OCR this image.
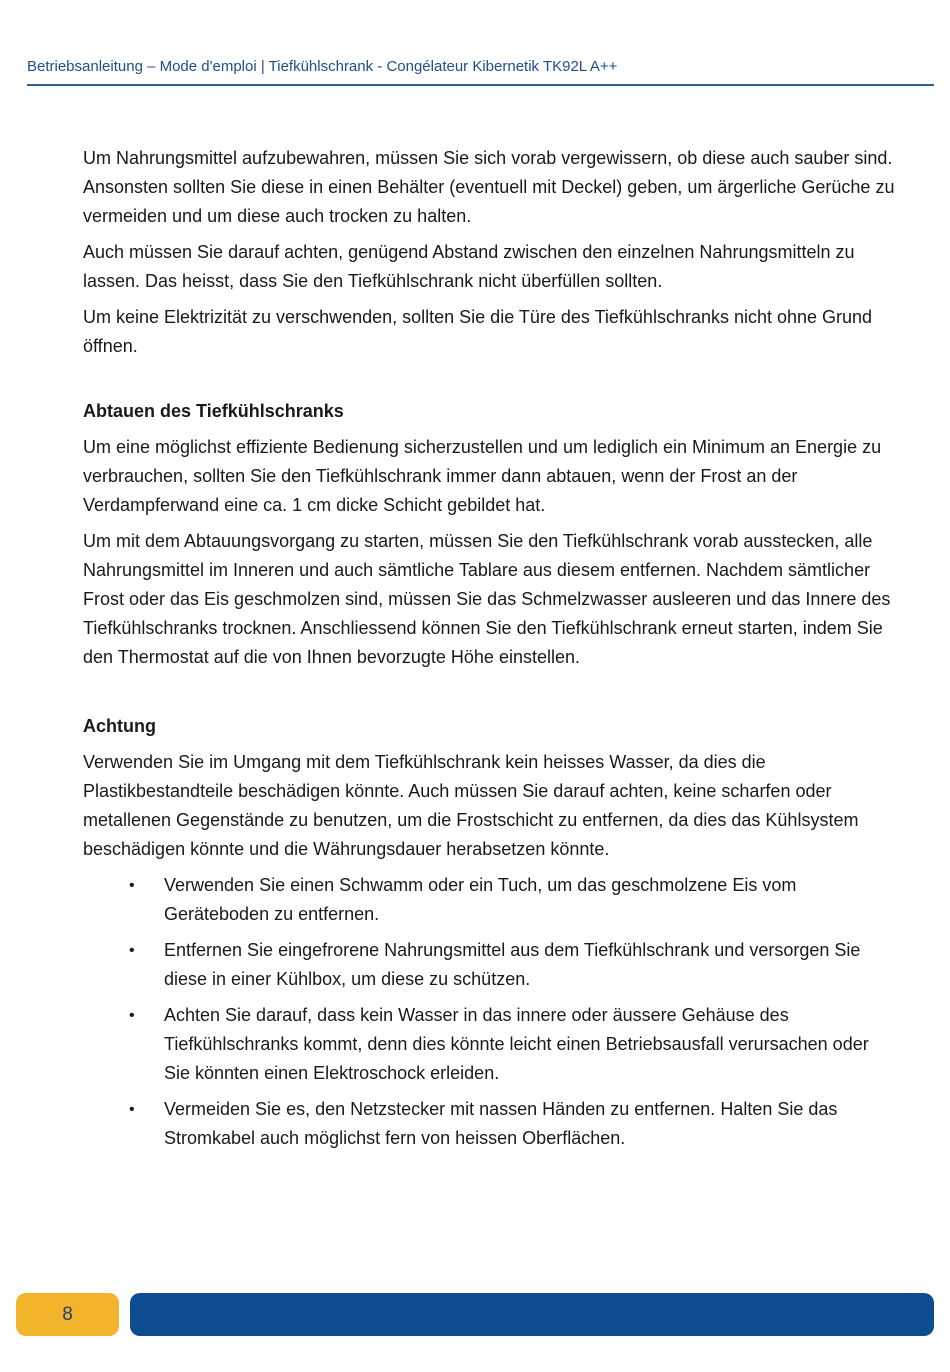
Betriebsanleitung – Mode d'emploi | Tiefkühlschrank - Congélateur Kibernetik TK92L A++

Um Nahrungsmittel aufzubewahren, müssen Sie sich vorab vergewissern, ob diese auch sauber sind. Ansonsten sollten Sie diese in einen Behälter (eventuell mit Deckel) geben, um ärgerliche Gerüche zu vermeiden und um diese auch trocken zu halten.

Auch müssen Sie darauf achten, genügend Abstand zwischen den einzelnen Nahrungsmitteln zu lassen. Das heisst, dass Sie den Tiefkühlschrank nicht überfüllen sollten.

Um keine Elektrizität zu verschwenden, sollten Sie die Türe des Tiefkühlschranks nicht ohne Grund öffnen.

Abtauen des Tiefkühlschranks

Um eine möglichst effiziente Bedienung sicherzustellen und um lediglich ein Minimum an Energie zu verbrauchen, sollten Sie den Tiefkühlschrank immer dann abtauen, wenn der Frost an der Verdampferwand eine ca. 1 cm dicke Schicht gebildet hat.

Um mit dem Abtauungsvorgang zu starten, müssen Sie den Tiefkühlschrank vorab ausstecken, alle Nahrungsmittel im Inneren und auch sämtliche Tablare aus diesem entfernen. Nachdem sämtlicher Frost oder das Eis geschmolzen sind, müssen Sie das Schmelzwasser ausleeren und das Innere des Tiefkühlschranks trocknen. Anschliessend können Sie den Tiefkühlschrank erneut starten, indem Sie den Thermostat auf die von Ihnen bevorzugte Höhe einstellen.

Achtung

Verwenden Sie im Umgang mit dem Tiefkühlschrank kein heisses Wasser, da dies die Plastikbestandteile beschädigen könnte. Auch müssen Sie darauf achten, keine scharfen oder metallenen Gegenstände zu benutzen, um die Frostschicht zu entfernen, da dies das Kühlsystem beschädigen könnte und die Währungsdauer herabsetzen könnte.

• Verwenden Sie einen Schwamm oder ein Tuch, um das geschmolzene Eis vom Geräteboden zu entfernen.
• Entfernen Sie eingefrorene Nahrungsmittel aus dem Tiefkühlschrank und versorgen Sie diese in einer Kühlbox, um diese zu schützen.
• Achten Sie darauf, dass kein Wasser in das innere oder äussere Gehäuse des Tiefkühlschranks kommt, denn dies könnte leicht einen Betriebsausfall verursachen oder Sie könnten einen Elektroschock erleiden.
• Vermeiden Sie es, den Netzstecker mit nassen Händen zu entfernen. Halten Sie das Stromkabel auch möglichst fern von heissen Oberflächen.
8
